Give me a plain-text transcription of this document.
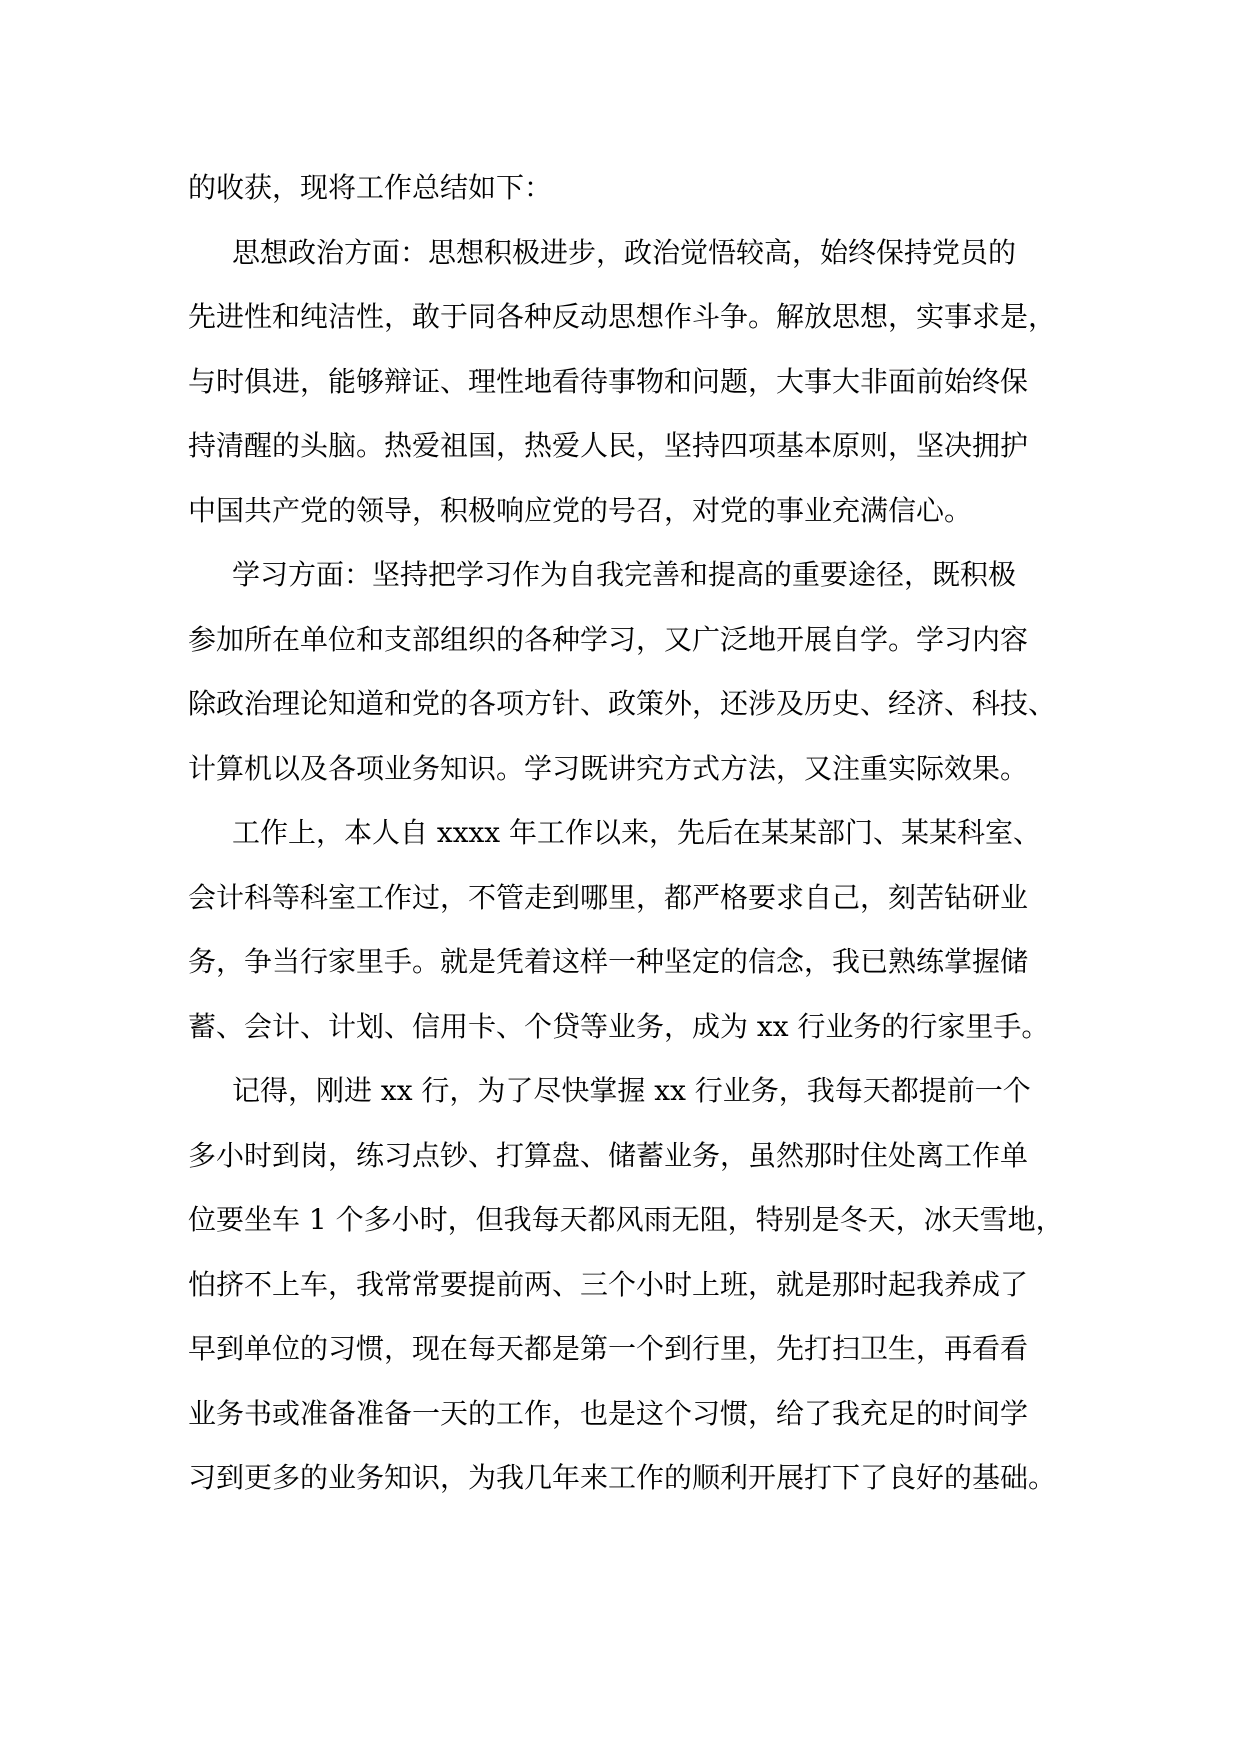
的收获，现将工作总结如下：
思想政治方面：思想积极进步，政治觉悟较高，始终保持党员的
先进性和纯洁性，敢于同各种反动思想作斗争。解放思想，实事求是，
与时俱进，能够辩证、理性地看待事物和问题，大事大非面前始终保
持清醒的头脑。热爱祖国，热爱人民，坚持四项基本原则，坚决拥护
中国共产党的领导，积极响应党的号召，对党的事业充满信心。
学习方面：坚持把学习作为自我完善和提高的重要途径，既积极
参加所在单位和支部组织的各种学习，又广泛地开展自学。学习内容
除政治理论知道和党的各项方针、政策外，还涉及历史、经济、科技、
计算机以及各项业务知识。学习既讲究方式方法，又注重实际效果。
工作上，本人自 xxxx 年工作以来，先后在某某部门、某某科室、
会计科等科室工作过，不管走到哪里，都严格要求自己，刻苦钻研业
务，争当行家里手。就是凭着这样一种坚定的信念，我已熟练掌握储
蓄、会计、计划、信用卡、个贷等业务，成为 xx 行业务的行家里手。
记得，刚进 xx 行，为了尽快掌握 xx 行业务，我每天都提前一个
多小时到岗，练习点钞、打算盘、储蓄业务，虽然那时住处离工作单
位要坐车 1 个多小时，但我每天都风雨无阻，特别是冬天，冰天雪地，
怕挤不上车，我常常要提前两、三个小时上班，就是那时起我养成了
早到单位的习惯，现在每天都是第一个到行里，先打扫卫生，再看看
业务书或准备准备一天的工作，也是这个习惯，给了我充足的时间学
习到更多的业务知识，为我几年来工作的顺利开展打下了良好的基础。
